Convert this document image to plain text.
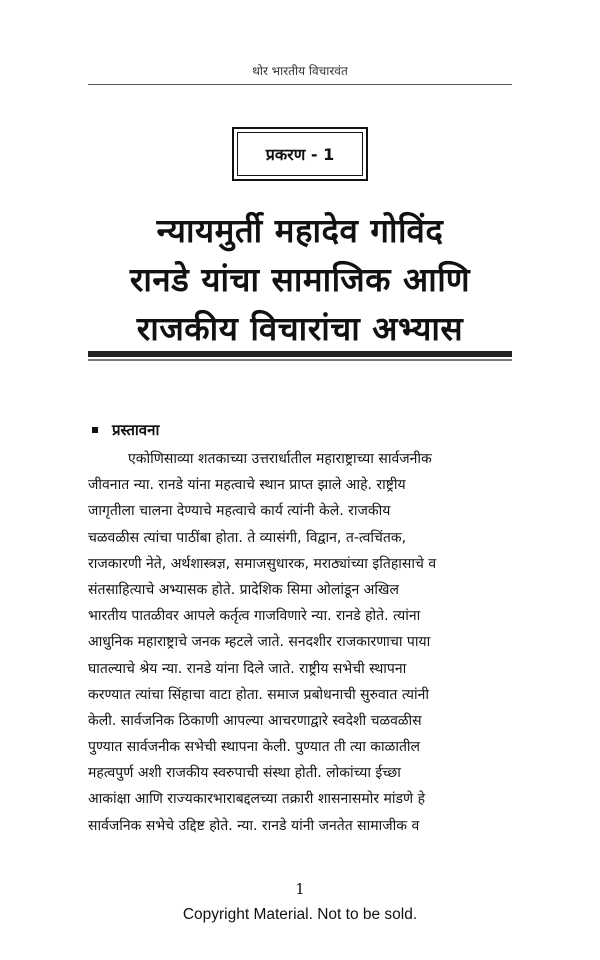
थोर भारतीय विचारवंत
प्रकरण - 1
न्यायमुर्ती महादेव गोविंद
रानडे यांचा सामाजिक आणि
राजकीय विचारांचा अभ्यास
प्रस्तावना
एकोणिसाव्या शतकाच्या उत्तरार्धातील महाराष्ट्राच्या सार्वजनीक
जीवनात न्या. रानडे यांना महत्वाचे स्थान प्राप्त झाले आहे. राष्ट्रीय
जागृतीला चालना देण्याचे महत्वाचे कार्य त्यांनी केले. राजकीय
चळवळीस त्यांचा पाठींबा होता. ते व्यासंगी, विद्वान, त-त्वचिंतक,
राजकारणी नेते, अर्थशास्त्रज्ञ, समाजसुधारक, मराठ्यांच्या इतिहासाचे व
संतसाहित्याचे अभ्यासक होते. प्रादेशिक सिमा ओलांडून अखिल
भारतीय पातळीवर आपले कर्तृत्व गाजविणारे न्या. रानडे होते. त्यांना
आधुनिक महाराष्ट्राचे जनक म्हटले जाते. सनदशीर राजकारणाचा पाया
घातल्याचे श्रेय न्या. रानडे यांना दिले जाते. राष्ट्रीय सभेची स्थापना
करण्यात त्यांचा सिंहाचा वाटा होता. समाज प्रबोधनाची सुरुवात त्यांनी
केली. सार्वजनिक ठिकाणी आपल्या आचरणाद्वारे स्वदेशी चळवळीस
पुण्यात सार्वजनीक सभेची स्थापना केली. पुण्यात ती त्या काळातील
महत्वपुर्ण अशी राजकीय स्वरुपाची संस्था होती. लोकांच्या ईच्छा
आकांक्षा आणि राज्यकारभाराबद्दलच्या तक्रारी शासनासमोर मांडणे हे
सार्वजनिक सभेचे उद्दिष्ट होते. न्या. रानडे यांनी जनतेत सामाजीक व
1
Copyright Material. Not to be sold.
